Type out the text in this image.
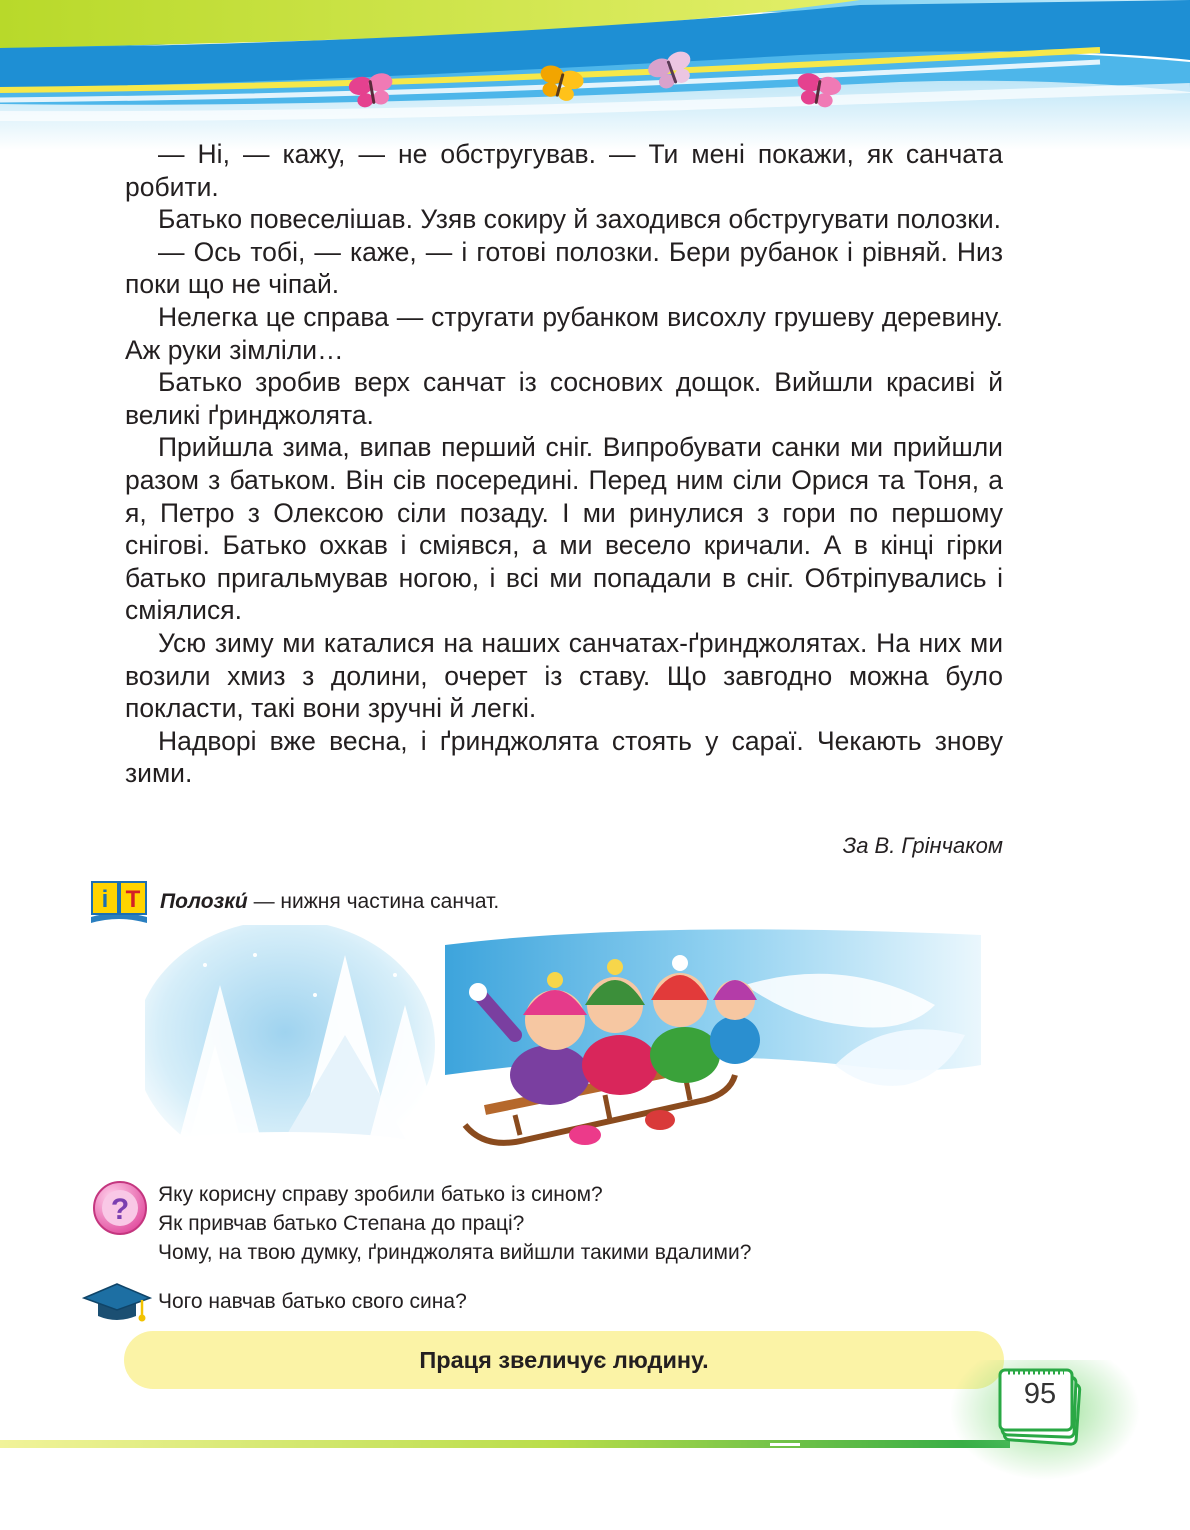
— Ні, — кажу, — не обстругував. — Ти мені покажи, як санчата робити.

Батько повеселішав. Узяв сокиру й заходився обстругувати полозки.

— Ось тобі, — каже, — і готові полозки. Бери рубанок і рівняй. Низ поки що не чіпай.

Нелегка це справа — стругати рубанком висохлу грушеву деревину. Аж руки зімліли…

Батько зробив верх санчат із соснових дощок. Вийшли красиві й великі ґринджолята.

Прийшла зима, випав перший сніг. Випробувати санки ми прийшли разом з батьком. Він сів посередині. Перед ним сіли Орися та Тоня, а я, Петро з Олексою сіли позаду. І ми ринулися з гори по першому снігові. Батько охкав і сміявся, а ми весело кричали. А в кінці гірки батько пригальмував ногою, і всі ми попадали в сніг. Обтріпувались і сміялися.

Усю зиму ми каталися на наших санчатах-ґринджолятах. На них ми возили хмиз з долини, очерет із ставу. Що завгодно можна було покласти, такі вони зручні й легкі.

Надворі вже весна, і ґринджолята стоять у сараї. Чекають знову зими.

За В. Грінчаком
i T Полозки́ — нижня частина санчат.
? Яку корисну справу зробили батько із сином?
Як привчав батько Степана до праці?
Чому, на твою думку, ґринджолята вийшли такими вдалими?
Чого навчав батько свого сина?
Праця звеличує людину.
95
